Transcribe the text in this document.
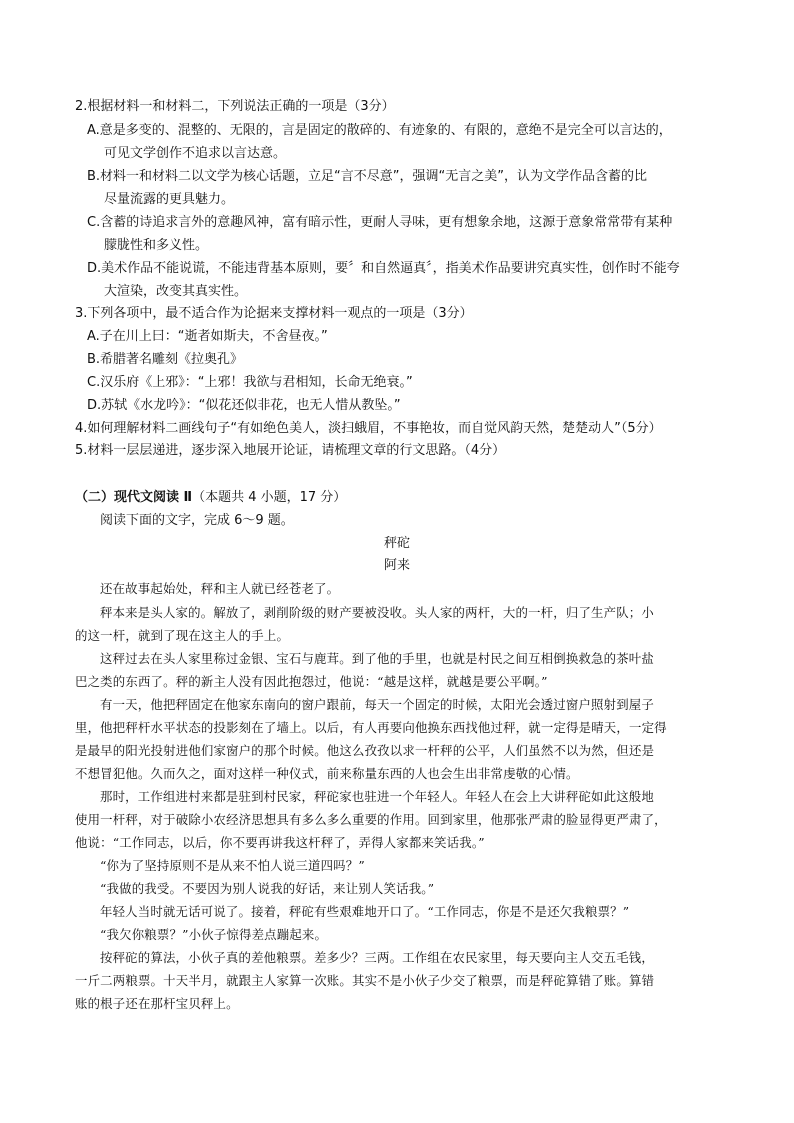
2.根据材料一和材料二，下列说法正确的一项是（3分）
A.意是多变的、混整的、无限的，言是固定的散碎的、有迹象的、有限的，意绝不是完全可以言达的，
可见文学创作不追求以言达意。
B.材料一和材料二以文学为核心话题，立足“言不尽意”，强调“无言之美”，认为文学作品含蓄的比
尽量流露的更具魅力。
C.含蓄的诗追求言外的意趣风神，富有暗示性，更耐人寻味，更有想象余地，这源于意象常常带有某种
朦胧性和多义性。
D.美术作品不能说谎，不能违背基本原则，要〞和自然逼真〞，指美术作品要讲究真实性，创作时不能夸
大渲染，改变其真实性。
3.下列各项中，最不适合作为论据来支撑材料一观点的一项是（3分）
A.子在川上曰：“逝者如斯夫，不舍昼夜。”
B.希腊著名雕刻《拉奥孔》
C.汉乐府《上邪》：“上邪！我欲与君相知，长命无绝衰。”
D.苏轼《水龙吟》：“似花还似非花，也无人惜从教坠。”
4.如何理解材料二画线句子“有如绝色美人，淡扫蛾眉，不事艳妆，而自觉风韵天然，楚楚动人”（5分）
5.材料一层层递进，逐步深入地展开论证，请梳理文章的行文思路。（4分）
（二）现代文阅读 Ⅱ（本题共 4 小题，17 分）
阅读下面的文字，完成 6～9 题。
秤砣
阿来
还在故事起始处，秤和主人就已经苍老了。
秤本来是头人家的。解放了，剥削阶级的财产要被没收。头人家的两杆，大的一杆，归了生产队；小
的这一杆，就到了现在这主人的手上。
这秤过去在头人家里称过金银、宝石与鹿茸。到了他的手里，也就是村民之间互相倒换救急的茶叶盐
巴之类的东西了。秤的新主人没有因此抱怨过，他说：“越是这样，就越是要公平啊。”
有一天，他把秤固定在他家东南向的窗户跟前，每天一个固定的时候，太阳光会透过窗户照射到屋子
里，他把秤杆水平状态的投影刻在了墙上。以后，有人再要向他换东西找他过秤，就一定得是晴天，一定得
是最早的阳光投射进他们家窗户的那个时候。他这么孜孜以求一杆秤的公平，人们虽然不以为然，但还是
不想冒犯他。久而久之，面对这样一种仪式，前来称量东西的人也会生出非常虔敬的心情。
那时，工作组进村来都是驻到村民家，秤砣家也驻进一个年轻人。年轻人在会上大讲秤砣如此这般地
使用一杆秤，对于破除小农经济思想具有多么多么重要的作用。回到家里，他那张严肃的脸显得更严肃了，
他说：“工作同志，以后，你不要再讲我这杆秤了，弄得人家都来笑话我。”
“你为了坚持原则不是从来不怕人说三道四吗？”
“我做的我受。不要因为别人说我的好话，来让别人笑话我。”
年轻人当时就无话可说了。接着，秤砣有些艰难地开口了。“工作同志，你是不是还欠我粮票？”
“我欠你粮票？”小伙子惊得差点蹦起来。
按秤砣的算法，小伙子真的差他粮票。差多少？三两。工作组在农民家里，每天要向主人交五毛钱，
一斤二两粮票。十天半月，就跟主人家算一次账。其实不是小伙子少交了粮票，而是秤砣算错了账。算错
账的根子还在那杆宝贝秤上。
